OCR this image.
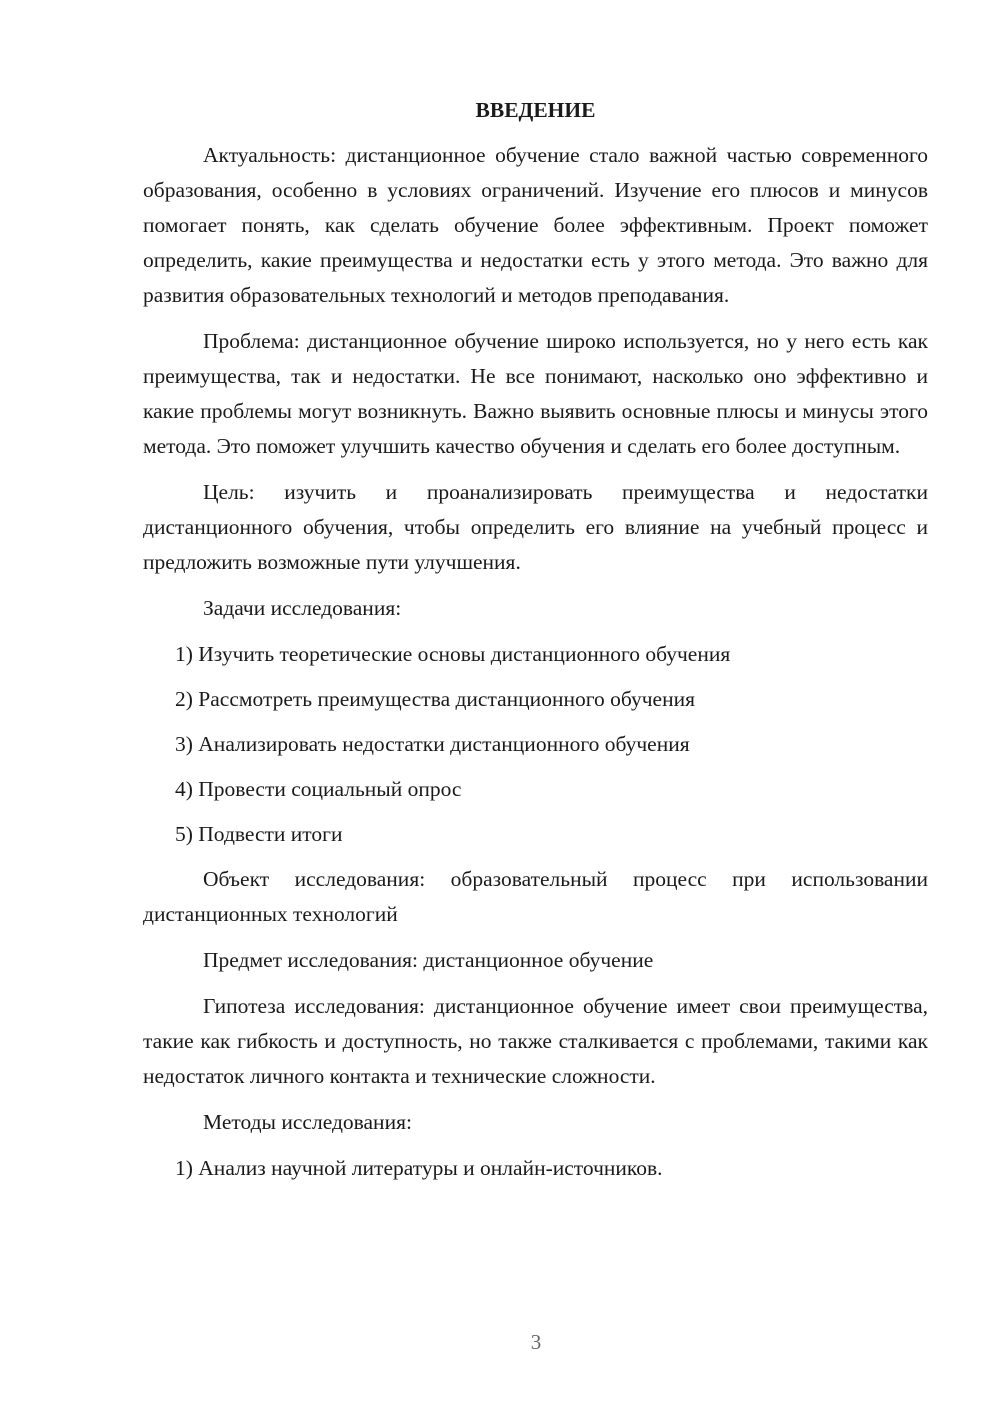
ВВЕДЕНИЕ

Актуальность: дистанционное обучение стало важной частью современного образования, особенно в условиях ограничений. Изучение его плюсов и минусов помогает понять, как сделать обучение более эффективным. Проект поможет определить, какие преимущества и недостатки есть у этого метода. Это важно для развития образовательных технологий и методов преподавания.

Проблема: дистанционное обучение широко используется, но у него есть как преимущества, так и недостатки. Не все понимают, насколько оно эффективно и какие проблемы могут возникнуть. Важно выявить основные плюсы и минусы этого метода. Это поможет улучшить качество обучения и сделать его более доступным.

Цель: изучить и проанализировать преимущества и недостатки дистанционного обучения, чтобы определить его влияние на учебный процесс и предложить возможные пути улучшения.

Задачи исследования:

1) Изучить теоретические основы дистанционного обучения
2) Рассмотреть преимущества дистанционного обучения
3) Анализировать недостатки дистанционного обучения
4) Провести социальный опрос
5) Подвести итоги

Объект исследования: образовательный процесс при использовании дистанционных технологий

Предмет исследования: дистанционное обучение

Гипотеза исследования: дистанционное обучение имеет свои преимущества, такие как гибкость и доступность, но также сталкивается с проблемами, такими как недостаток личного контакта и технические сложности.

Методы исследования:

1) Анализ научной литературы и онлайн-источников.
3
